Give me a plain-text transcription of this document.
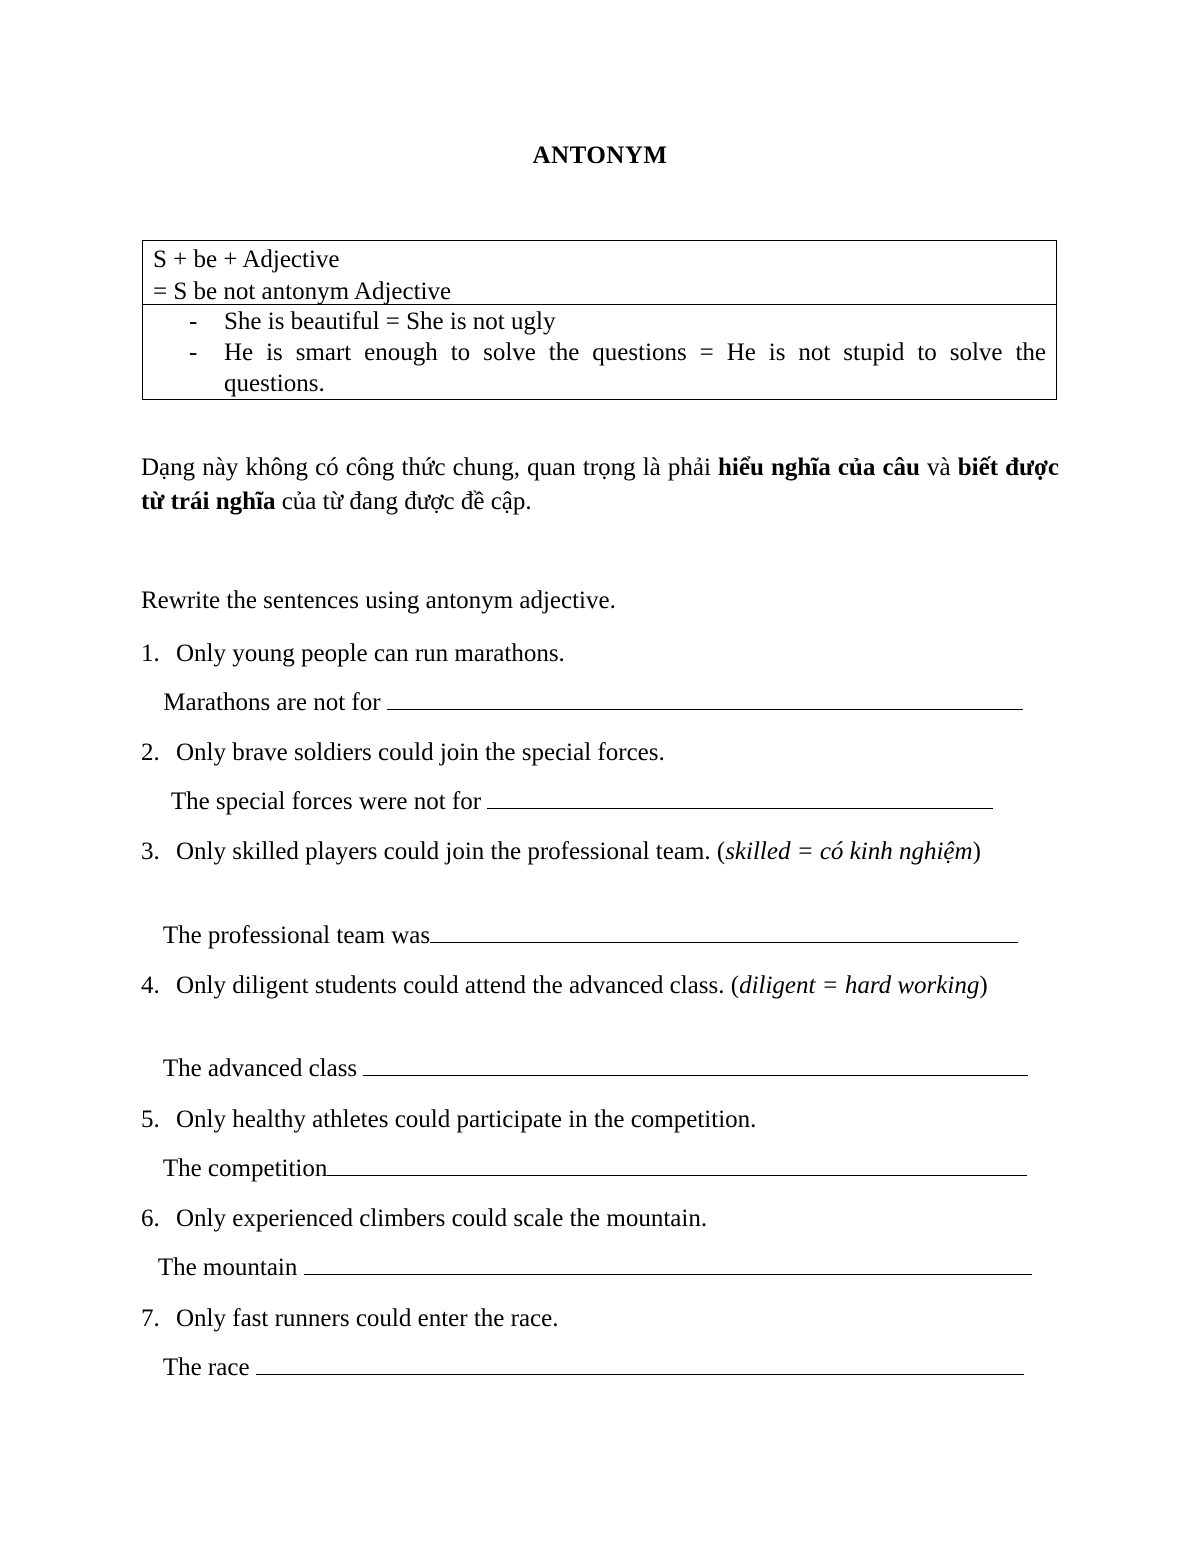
ANTONYM
S + be + Adjective
= S be not antonym Adjective
- She is beautiful = She is not ugly
- He is smart enough to solve the questions = He is not stupid to solve the questions.
Dạng này không có công thức chung, quan trọng là phải hiểu nghĩa của câu và biết được từ trái nghĩa của từ đang được đề cập.
Rewrite the sentences using antonym adjective.
1. Only young people can run marathons.
Marathons are not for
2. Only brave soldiers could join the special forces.
The special forces were not for
3. Only skilled players could join the professional team. (skilled = có kinh nghiệm)
The professional team was
4. Only diligent students could attend the advanced class. (diligent = hard working)
The advanced class
5. Only healthy athletes could participate in the competition.
The competition
6. Only experienced climbers could scale the mountain.
The mountain
7. Only fast runners could enter the race.
The race
